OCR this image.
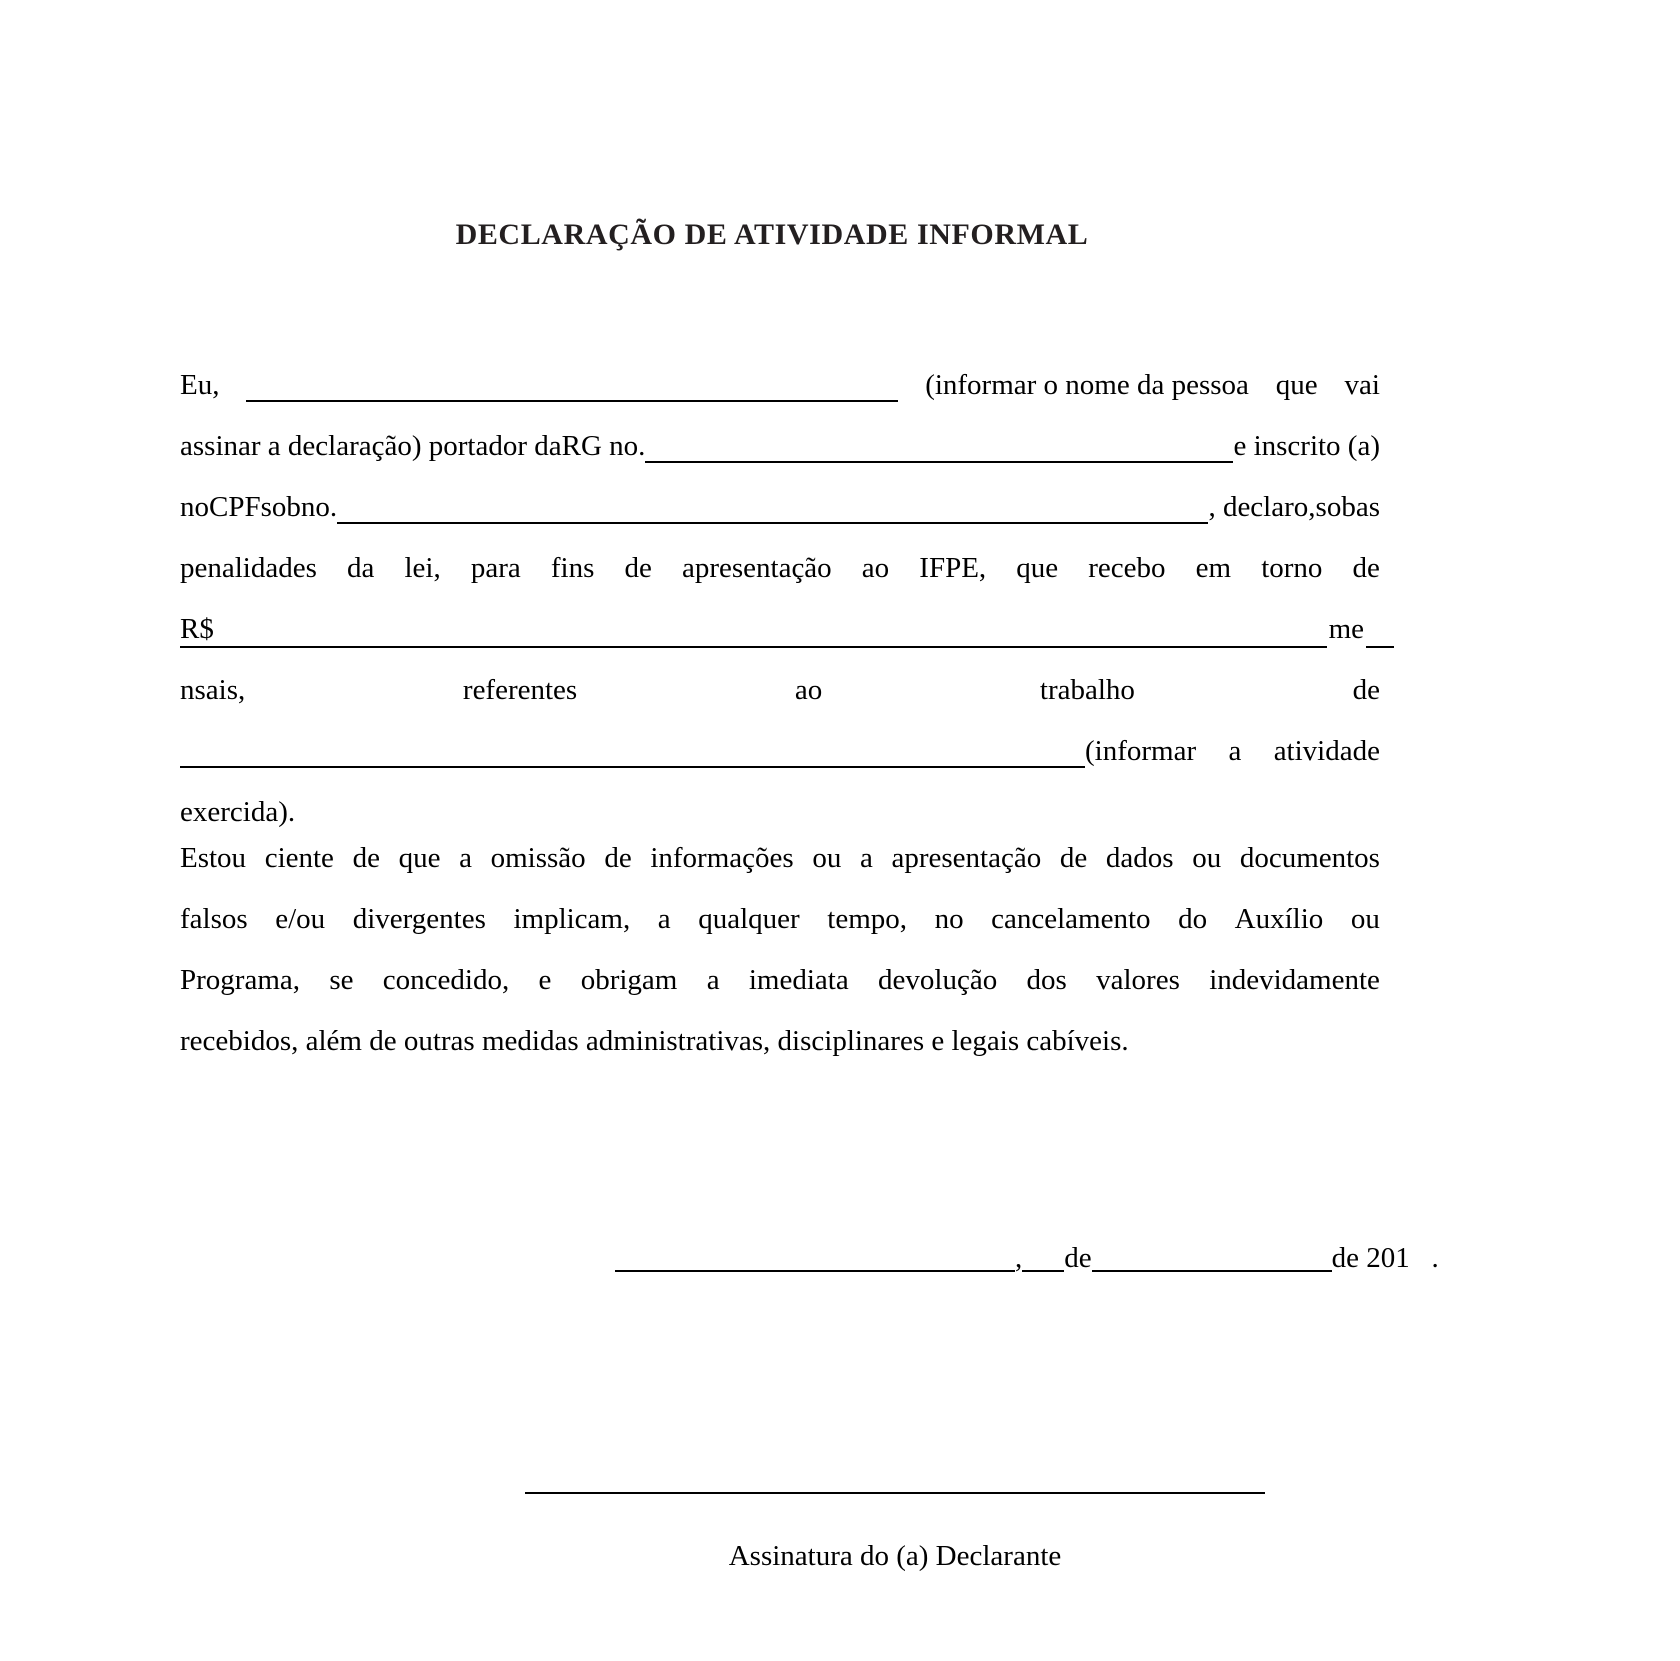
DECLARAÇÃO DE ATIVIDADE INFORMAL
Eu,	(informar o nome da pessoa que vai
assinar a declaração) portador da RG no.	e inscrito (a)
no CPF sob no.	, declaro, sob as
penalidades da lei, para fins de apresentação ao IFPE, que recebo em torno de
R$	me
nsais,	referentes	ao	trabalho	de
(informar a atividade
exercida).
Estou ciente de que a omissão de informações ou a apresentação de dados ou documentos
falsos e/ou divergentes implicam, a qualquer tempo, no cancelamento do Auxílio ou
Programa, se concedido, e obrigam a imediata devolução dos valores indevidamente
recebidos, além de outras medidas administrativas, disciplinares e legais cabíveis.
, de	de
201
.
Assinatura do (a) Declarante
